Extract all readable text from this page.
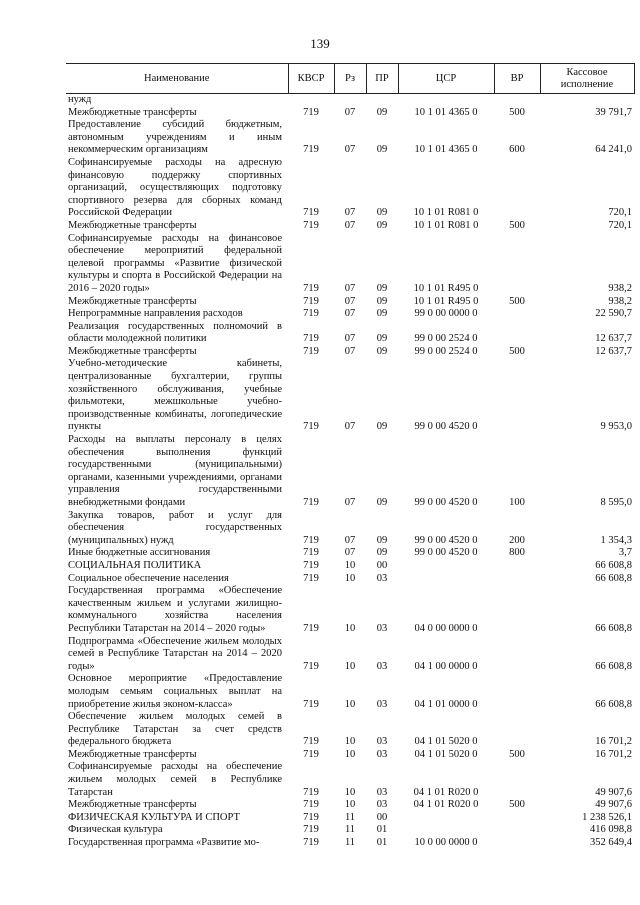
139
Наименование	КВСР	Рз	ПР	ЦСР	ВР	Кассовое исполнение
нужд						
Межбюджетные трансферты	719	07	09	10 1 01 4365 0	500	39 791,7
Предоставление субсидий бюджетным, автономным учреждениям и иным некоммерческим организациям	719	07	09	10 1 01 4365 0	600	64 241,0
Софинансируемые расходы на адресную финансовую поддержку спортивных организаций, осуществляющих подготовку спортивного резерва для сборных команд Российской Федерации	719	07	09	10 1 01 R081 0		720,1
Межбюджетные трансферты	719	07	09	10 1 01 R081 0	500	720,1
Софинансируемые расходы на финансовое обеспечение мероприятий федеральной целевой программы «Развитие физической культуры и спорта в Российской Федерации на 2016 – 2020 годы»	719	07	09	10 1 01 R495 0		938,2
Межбюджетные трансферты	719	07	09	10 1 01 R495 0	500	938,2
Непрограммные направления расходов	719	07	09	99 0 00 0000 0		22 590,7
Реализация государственных полномочий в области молодежной политики	719	07	09	99 0 00 2524 0		12 637,7
Межбюджетные трансферты	719	07	09	99 0 00 2524 0	500	12 637,7
Учебно-методические кабинеты, централизованные бухгалтерии, группы хозяйственного обслуживания, учебные фильмотеки, межшкольные учебно-производственные комбинаты, логопедические пункты	719	07	09	99 0 00 4520 0		9 953,0
Расходы на выплаты персоналу в целях обеспечения выполнения функций государственными (муниципальными) органами, казенными учреждениями, органами управления государственными внебюджетными фондами	719	07	09	99 0 00 4520 0	100	8 595,0
Закупка товаров, работ и услуг для обеспечения государственных (муниципальных) нужд	719	07	09	99 0 00 4520 0	200	1 354,3
Иные бюджетные ассигнования	719	07	09	99 0 00 4520 0	800	3,7
СОЦИАЛЬНАЯ ПОЛИТИКА	719	10	00			66 608,8
Социальное обеспечение населения	719	10	03			66 608,8
Государственная программа «Обеспечение качественным жильем и услугами жилищно-коммунального хозяйства населения Республики Татарстан на 2014 – 2020 годы»	719	10	03	04 0 00 0000 0		66 608,8
Подпрограмма «Обеспечение жильем молодых семей в Республике Татарстан на 2014 – 2020 годы»	719	10	03	04 1 00 0000 0		66 608,8
Основное мероприятие «Предоставление молодым семьям социальных выплат на приобретение жилья эконом-класса»	719	10	03	04 1 01 0000 0		66 608,8
Обеспечение жильем молодых семей в Республике Татарстан за счет средств федерального бюджета	719	10	03	04 1 01 5020 0		16 701,2
Межбюджетные трансферты	719	10	03	04 1 01 5020 0	500	16 701,2
Софинансируемые расходы на обеспечение жильем молодых семей в Республике Татарстан	719	10	03	04 1 01 R020 0		49 907,6
Межбюджетные трансферты	719	10	03	04 1 01 R020 0	500	49 907,6
ФИЗИЧЕСКАЯ КУЛЬТУРА И СПОРТ	719	11	00			1 238 526,1
Физическая культура	719	11	01			416 098,8
Государственная программа «Развитие мо-	719	11	01	10 0 00 0000 0		352 649,4
